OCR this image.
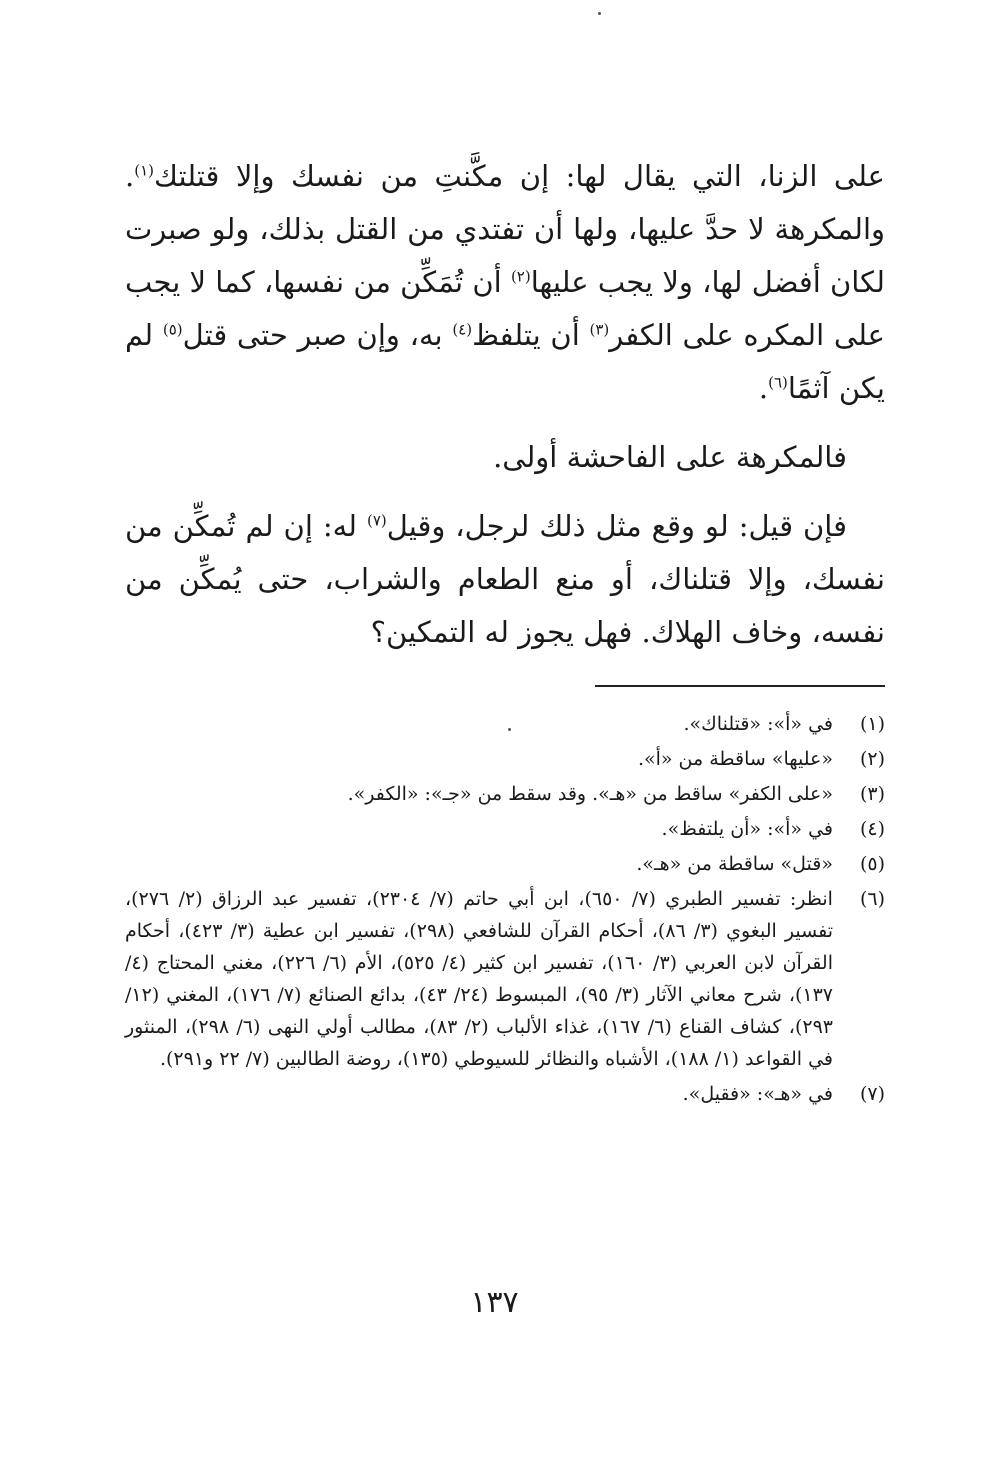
على الزنا، التي يقال لها: إن مكَّنتِ من نفسك وإلا قتلتك$^{(١)}$. والمكرهة لا حدَّ عليها، ولها أن تفتدي من القتل بذلك، ولو صبرت لكان أفضل لها، ولا يجب عليها$^{(٢)}$ أن تُمَكِّن من نفسها، كما لا يجب على المكره على الكفر$^{(٣)}$ أن يتلفظ$^{(٤)}$ به، وإن صبر حتى قتل$^{(٥)}$ لم يكن آثمًا$^{(٦)}$.

فالمكرهة على الفاحشة أولى.

فإن قيل: لو وقع مثل ذلك لرجل، وقيل$^{(٧)}$ له: إن لم تُمكِّن من نفسك، وإلا قتلناك، أو منع الطعام والشراب، حتى يُمكِّن من نفسه، وخاف الهلاك. فهل يجوز له التمكين؟

(١)
في «أ»: «قتلناك».
(٢)
«عليها» ساقطة من «أ».
(٣)
«على الكفر» ساقط من «هـ». وقد سقط من «جـ»: «الكفر».
(٤)
في «أ»: «أن يلتفظ».
(٥)
«قتل» ساقطة من «هـ».
(٦)
انظر: تفسير الطبري (٧/ ٦٥٠)، ابن أبي حاتم (٧/ ٢٣٠٤)، تفسير عبد الرزاق (٢/ ٢٧٦)، تفسير البغوي (٣/ ٨٦)، أحكام القرآن للشافعي (٢٩٨)، تفسير ابن عطية (٣/ ٤٢٣)، أحكام القرآن لابن العربي (٣/ ١٦٠)، تفسير ابن كثير (٤/ ٥٢٥)، الأم (٦/ ٢٢٦)، مغني المحتاج (٤/ ١٣٧)، شرح معاني الآثار (٣/ ٩٥)، المبسوط (٢٤/ ٤٣)، بدائع الصنائع (٧/ ١٧٦)، المغني (١٢/ ٢٩٣)، كشاف القناع (٦/ ١٦٧)، غذاء الألباب (٢/ ٨٣)، مطالب أولي النهى (٦/ ٢٩٨)، المنثور في القواعد (١/ ١٨٨)، الأشباه والنظائر للسيوطي (١٣٥)، روضة الطالبين (٧/ ٢٢ و٢٩١).
(٧)
في «هـ»: «فقيل».
١٣٧
